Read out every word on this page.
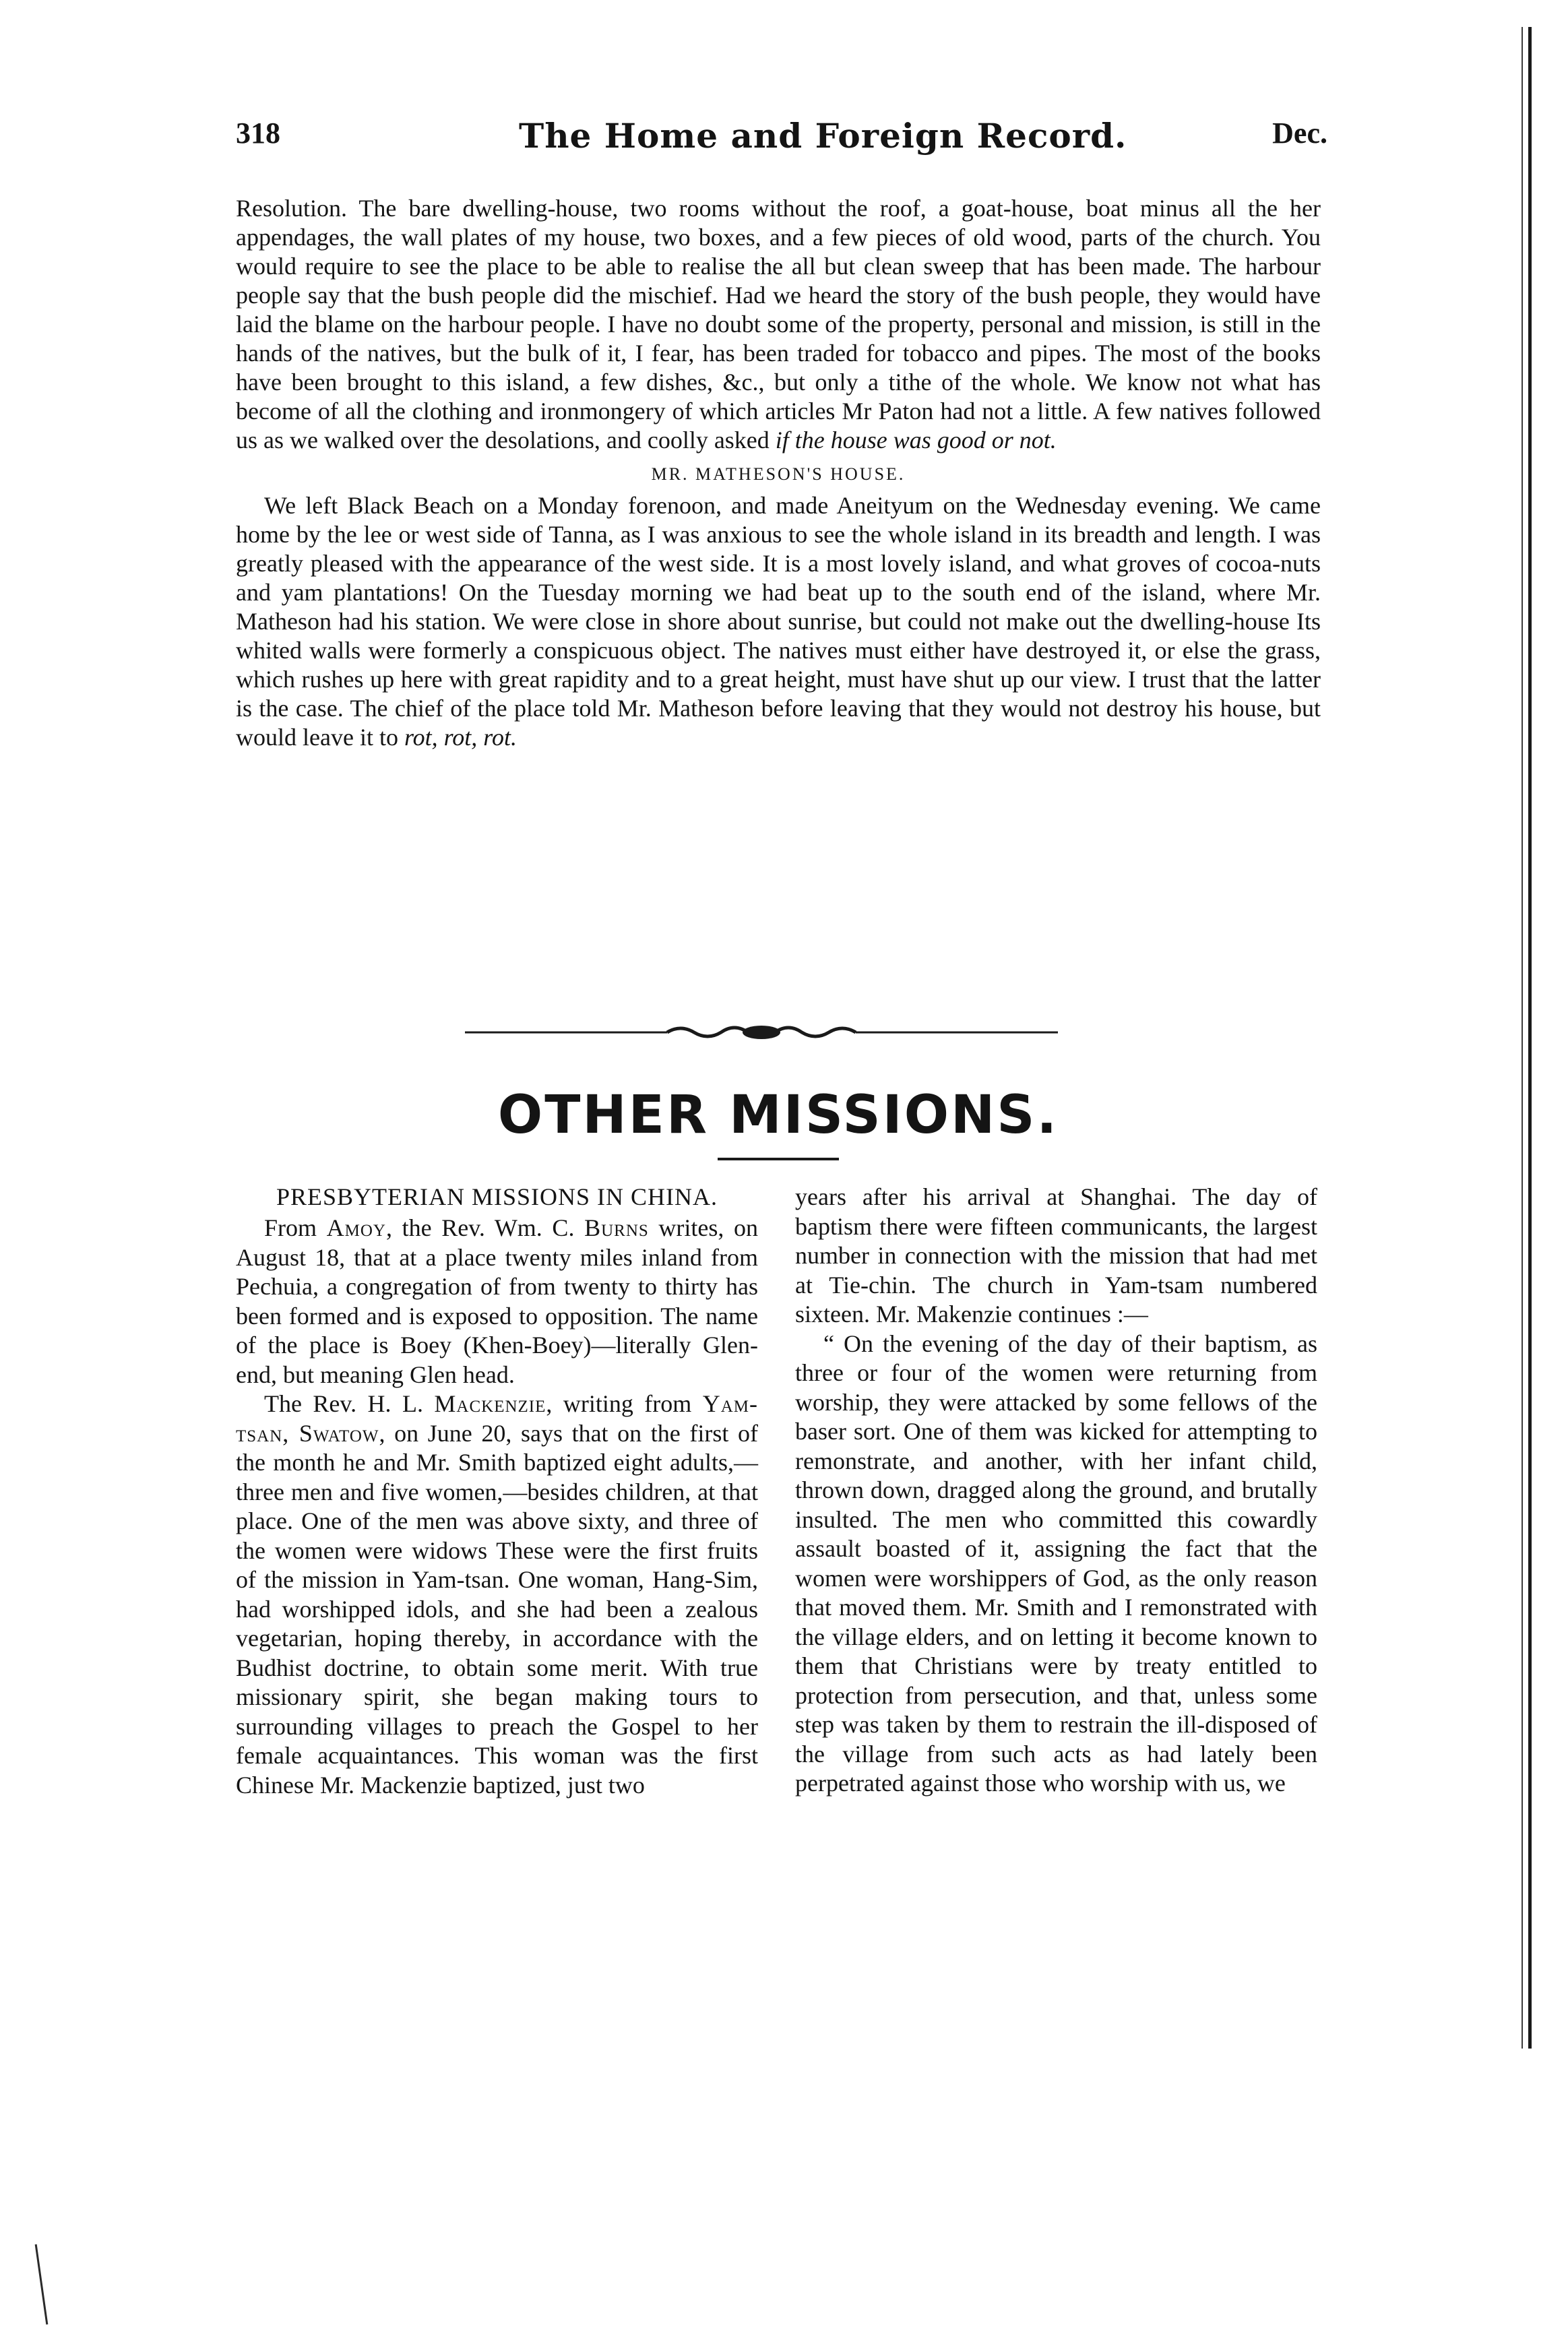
318	The Home and Foreign Record.	Dec.

Resolution. The bare dwelling-house, two rooms without the roof, a goat-house, boat minus all the her appendages, the wall plates of my house, two boxes, and a few pieces of old wood, parts of the church. You would require to see the place to be able to realise the all but clean sweep that has been made. The harbour people say that the bush people did the mischief. Had we heard the story of the bush people, they would have laid the blame on the harbour people. I have no doubt some of the property, personal and mission, is still in the hands of the natives, but the bulk of it, I fear, has been traded for tobacco and pipes. The most of the books have been brought to this island, a few dishes, &c., but only a tithe of the whole. We know not what has become of all the clothing and ironmongery of which articles Mr Paton had not a little. A few natives followed us as we walked over the desolations, and coolly asked if the house was good or not.

MR. MATHESON'S HOUSE.

We left Black Beach on a Monday forenoon, and made Aneityum on the Wednesday evening. We came home by the lee or west side of Tanna, as I was anxious to see the whole island in its breadth and length. I was greatly pleased with the appearance of the west side. It is a most lovely island, and what groves of cocoa-nuts and yam plantations! On the Tuesday morning we had beat up to the south end of the island, where Mr. Matheson had his station. We were close in shore about sunrise, but could not make out the dwelling-house Its whited walls were formerly a conspicuous object. The natives must either have destroyed it, or else the grass, which rushes up here with great rapidity and to a great height, must have shut up our view. I trust that the latter is the case. The chief of the place told Mr. Matheson before leaving that they would not destroy his house, but would leave it to rot, rot, rot.

OTHER MISSIONS.

PRESBYTERIAN MISSIONS IN CHINA.

From Amoy, the Rev. Wm. C. Burns writes, on August 18, that at a place twenty miles inland from Pechuia, a congregation of from twenty to thirty has been formed and is exposed to opposition. The name of the place is Boey (Khen-Boey)—literally Glen-end, but meaning Glen head.

The Rev. H. L. Mackenzie, writing from Yam-tsan, Swatow, on June 20, says that on the first of the month he and Mr. Smith baptized eight adults,—three men and five women,—besides children, at that place. One of the men was above sixty, and three of the women were widows These were the first fruits of the mission in Yam-tsan. One woman, Hang-Sim, had worshipped idols, and she had been a zealous vegetarian, hoping thereby, in accordance with the Budhist doctrine, to obtain some merit. With true missionary spirit, she began making tours to surrounding villages to preach the Gospel to her female acquaintances. This woman was the first Chinese Mr. Mackenzie baptized, just two

years after his arrival at Shanghai. The day of baptism there were fifteen communicants, the largest number in connection with the mission that had met at Tie-chin. The church in Yam-tsam numbered sixteen. Mr. Makenzie continues :—

“ On the evening of the day of their baptism, as three or four of the women were returning from worship, they were attacked by some fellows of the baser sort. One of them was kicked for attempting to remonstrate, and another, with her infant child, thrown down, dragged along the ground, and brutally insulted. The men who committed this cowardly assault boasted of it, assigning the fact that the women were worshippers of God, as the only reason that moved them. Mr. Smith and I remonstrated with the village elders, and on letting it become known to them that Christians were by treaty entitled to protection from persecution, and that, unless some step was taken by them to restrain the ill-disposed of the village from such acts as had lately been perpetrated against those who worship with us, we
